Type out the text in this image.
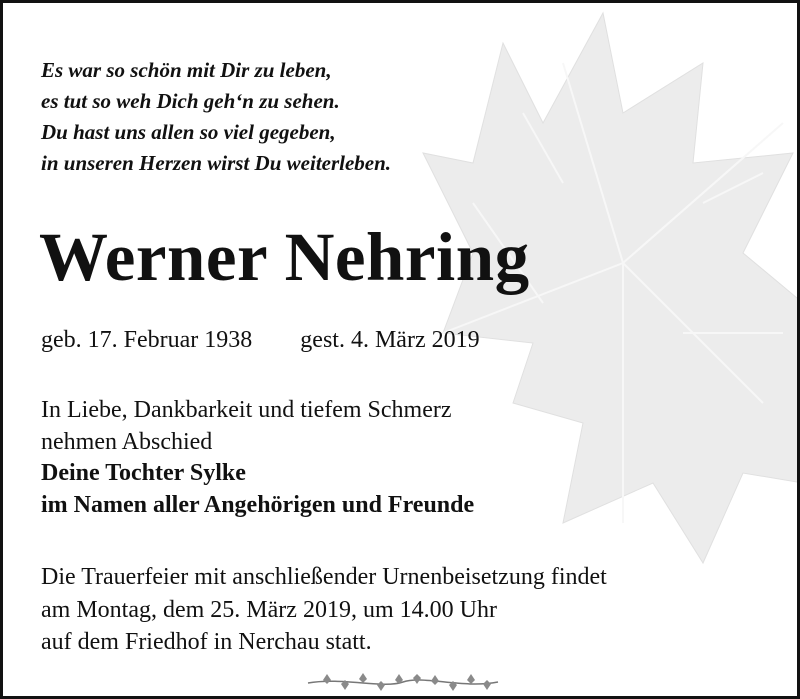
Es war so schön mit Dir zu leben,
es tut so weh Dich geh‘n zu sehen.
Du hast uns allen so viel gegeben,
in unseren Herzen wirst Du weiterleben.
Werner Nehring
geb. 17. Februar 1938 gest. 4. März 2019
In Liebe, Dankbarkeit und tiefem Schmerz
nehmen Abschied
Deine Tochter Sylke
im Namen aller Angehörigen und Freunde
Die Trauerfeier mit anschließender Urnenbeisetzung findet
am Montag, dem 25. März 2019, um 14.00 Uhr
auf dem Friedhof in Nerchau statt.
